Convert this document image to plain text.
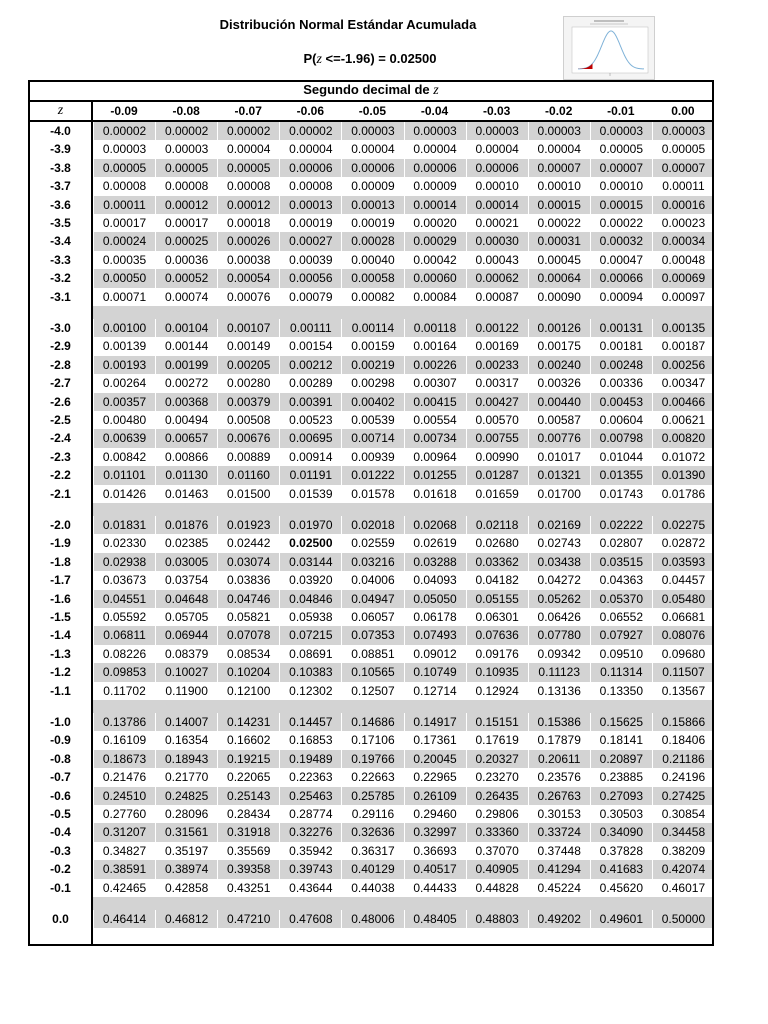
Distribución Normal Estándar Acumulada
P(z <=-1.96) = 0.02500
Segundo decimal de z
z	-0.09	-0.08	-0.07	-0.06	-0.05	-0.04	-0.03	-0.02	-0.01	0.00
-4.0	0.00002	0.00002	0.00002	0.00002	0.00003	0.00003	0.00003	0.00003	0.00003	0.00003
-3.9	0.00003	0.00003	0.00004	0.00004	0.00004	0.00004	0.00004	0.00004	0.00005	0.00005
-3.8	0.00005	0.00005	0.00005	0.00006	0.00006	0.00006	0.00006	0.00007	0.00007	0.00007
-3.7	0.00008	0.00008	0.00008	0.00008	0.00009	0.00009	0.00010	0.00010	0.00010	0.00011
-3.6	0.00011	0.00012	0.00012	0.00013	0.00013	0.00014	0.00014	0.00015	0.00015	0.00016
-3.5	0.00017	0.00017	0.00018	0.00019	0.00019	0.00020	0.00021	0.00022	0.00022	0.00023
-3.4	0.00024	0.00025	0.00026	0.00027	0.00028	0.00029	0.00030	0.00031	0.00032	0.00034
-3.3	0.00035	0.00036	0.00038	0.00039	0.00040	0.00042	0.00043	0.00045	0.00047	0.00048
-3.2	0.00050	0.00052	0.00054	0.00056	0.00058	0.00060	0.00062	0.00064	0.00066	0.00069
-3.1	0.00071	0.00074	0.00076	0.00079	0.00082	0.00084	0.00087	0.00090	0.00094	0.00097
-3.0	0.00100	0.00104	0.00107	0.00111	0.00114	0.00118	0.00122	0.00126	0.00131	0.00135
-2.9	0.00139	0.00144	0.00149	0.00154	0.00159	0.00164	0.00169	0.00175	0.00181	0.00187
-2.8	0.00193	0.00199	0.00205	0.00212	0.00219	0.00226	0.00233	0.00240	0.00248	0.00256
-2.7	0.00264	0.00272	0.00280	0.00289	0.00298	0.00307	0.00317	0.00326	0.00336	0.00347
-2.6	0.00357	0.00368	0.00379	0.00391	0.00402	0.00415	0.00427	0.00440	0.00453	0.00466
-2.5	0.00480	0.00494	0.00508	0.00523	0.00539	0.00554	0.00570	0.00587	0.00604	0.00621
-2.4	0.00639	0.00657	0.00676	0.00695	0.00714	0.00734	0.00755	0.00776	0.00798	0.00820
-2.3	0.00842	0.00866	0.00889	0.00914	0.00939	0.00964	0.00990	0.01017	0.01044	0.01072
-2.2	0.01101	0.01130	0.01160	0.01191	0.01222	0.01255	0.01287	0.01321	0.01355	0.01390
-2.1	0.01426	0.01463	0.01500	0.01539	0.01578	0.01618	0.01659	0.01700	0.01743	0.01786
-2.0	0.01831	0.01876	0.01923	0.01970	0.02018	0.02068	0.02118	0.02169	0.02222	0.02275
-1.9	0.02330	0.02385	0.02442	0.02500	0.02559	0.02619	0.02680	0.02743	0.02807	0.02872
-1.8	0.02938	0.03005	0.03074	0.03144	0.03216	0.03288	0.03362	0.03438	0.03515	0.03593
-1.7	0.03673	0.03754	0.03836	0.03920	0.04006	0.04093	0.04182	0.04272	0.04363	0.04457
-1.6	0.04551	0.04648	0.04746	0.04846	0.04947	0.05050	0.05155	0.05262	0.05370	0.05480
-1.5	0.05592	0.05705	0.05821	0.05938	0.06057	0.06178	0.06301	0.06426	0.06552	0.06681
-1.4	0.06811	0.06944	0.07078	0.07215	0.07353	0.07493	0.07636	0.07780	0.07927	0.08076
-1.3	0.08226	0.08379	0.08534	0.08691	0.08851	0.09012	0.09176	0.09342	0.09510	0.09680
-1.2	0.09853	0.10027	0.10204	0.10383	0.10565	0.10749	0.10935	0.11123	0.11314	0.11507
-1.1	0.11702	0.11900	0.12100	0.12302	0.12507	0.12714	0.12924	0.13136	0.13350	0.13567
-1.0	0.13786	0.14007	0.14231	0.14457	0.14686	0.14917	0.15151	0.15386	0.15625	0.15866
-0.9	0.16109	0.16354	0.16602	0.16853	0.17106	0.17361	0.17619	0.17879	0.18141	0.18406
-0.8	0.18673	0.18943	0.19215	0.19489	0.19766	0.20045	0.20327	0.20611	0.20897	0.21186
-0.7	0.21476	0.21770	0.22065	0.22363	0.22663	0.22965	0.23270	0.23576	0.23885	0.24196
-0.6	0.24510	0.24825	0.25143	0.25463	0.25785	0.26109	0.26435	0.26763	0.27093	0.27425
-0.5	0.27760	0.28096	0.28434	0.28774	0.29116	0.29460	0.29806	0.30153	0.30503	0.30854
-0.4	0.31207	0.31561	0.31918	0.32276	0.32636	0.32997	0.33360	0.33724	0.34090	0.34458
-0.3	0.34827	0.35197	0.35569	0.35942	0.36317	0.36693	0.37070	0.37448	0.37828	0.38209
-0.2	0.38591	0.38974	0.39358	0.39743	0.40129	0.40517	0.40905	0.41294	0.41683	0.42074
-0.1	0.42465	0.42858	0.43251	0.43644	0.44038	0.44433	0.44828	0.45224	0.45620	0.46017
0.0	0.46414	0.46812	0.47210	0.47608	0.48006	0.48405	0.48803	0.49202	0.49601	0.50000
